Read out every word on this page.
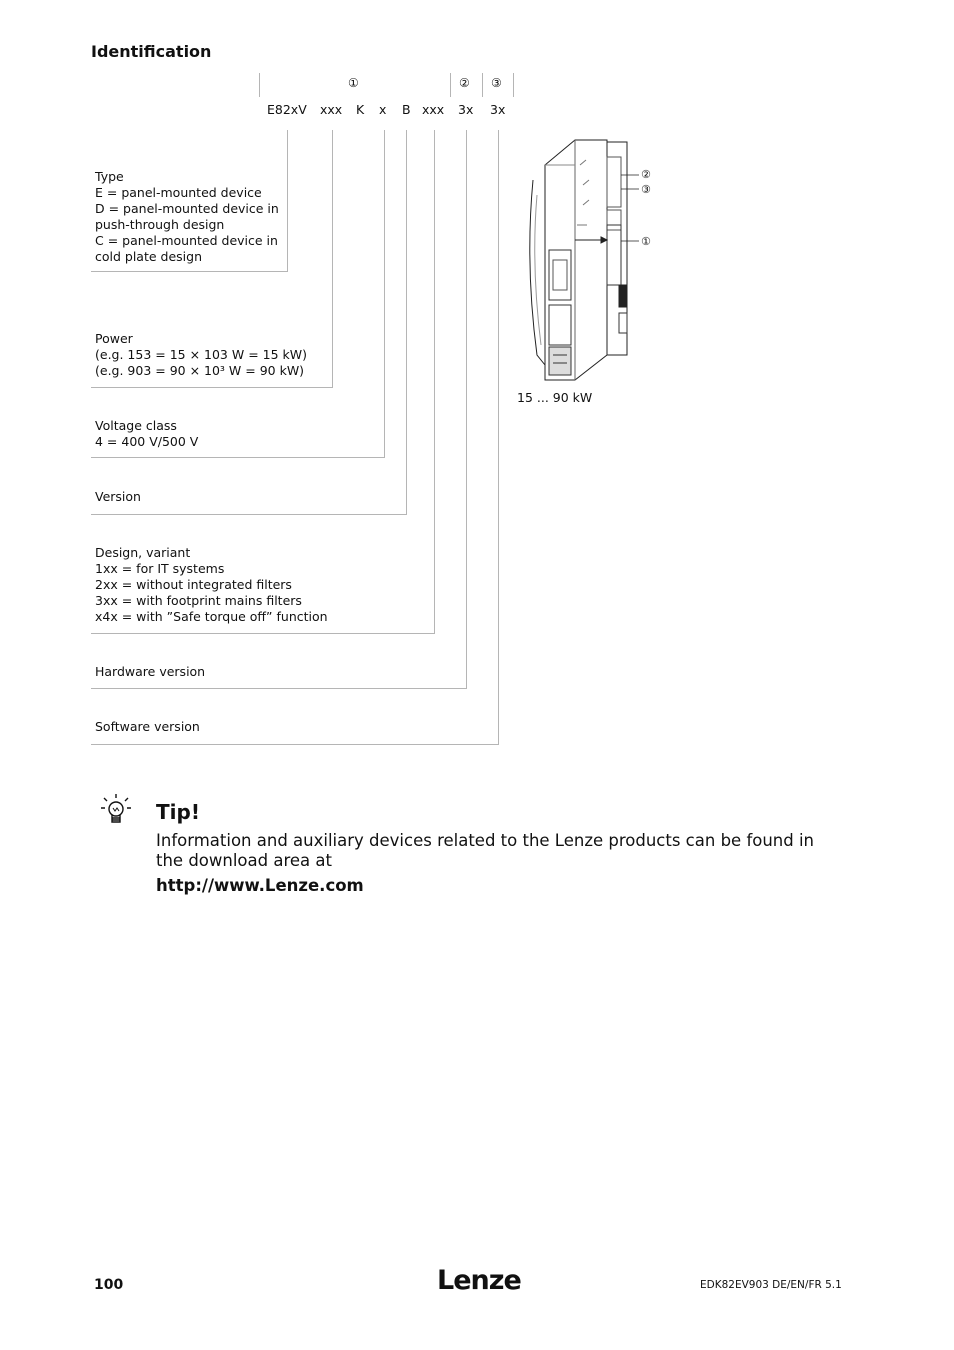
Identification
①	② ③
E82xV xxx K x B xxx 3x 3x
Type
E = panel-mounted device
D = panel-mounted device in
push-through design
C = panel-mounted device in
cold plate design
Power
(e.g. 153 = 15 × 103 W = 15 kW)
(e.g. 903 = 90 × 10³ W = 90 kW)
Voltage class
4 = 400 V/500 V
Version
Design, variant
1xx = for IT systems
2xx = without integrated filters
3xx = with footprint mains filters
x4x = with ”Safe torque off” function
Hardware version
Software version
②
③
①
15 ... 90 kW
Tip!
Information and auxiliary devices related to the Lenze products can be found in the download area at
http://www.Lenze.com
100	Lenze	EDK82EV903 DE/EN/FR 5.1
